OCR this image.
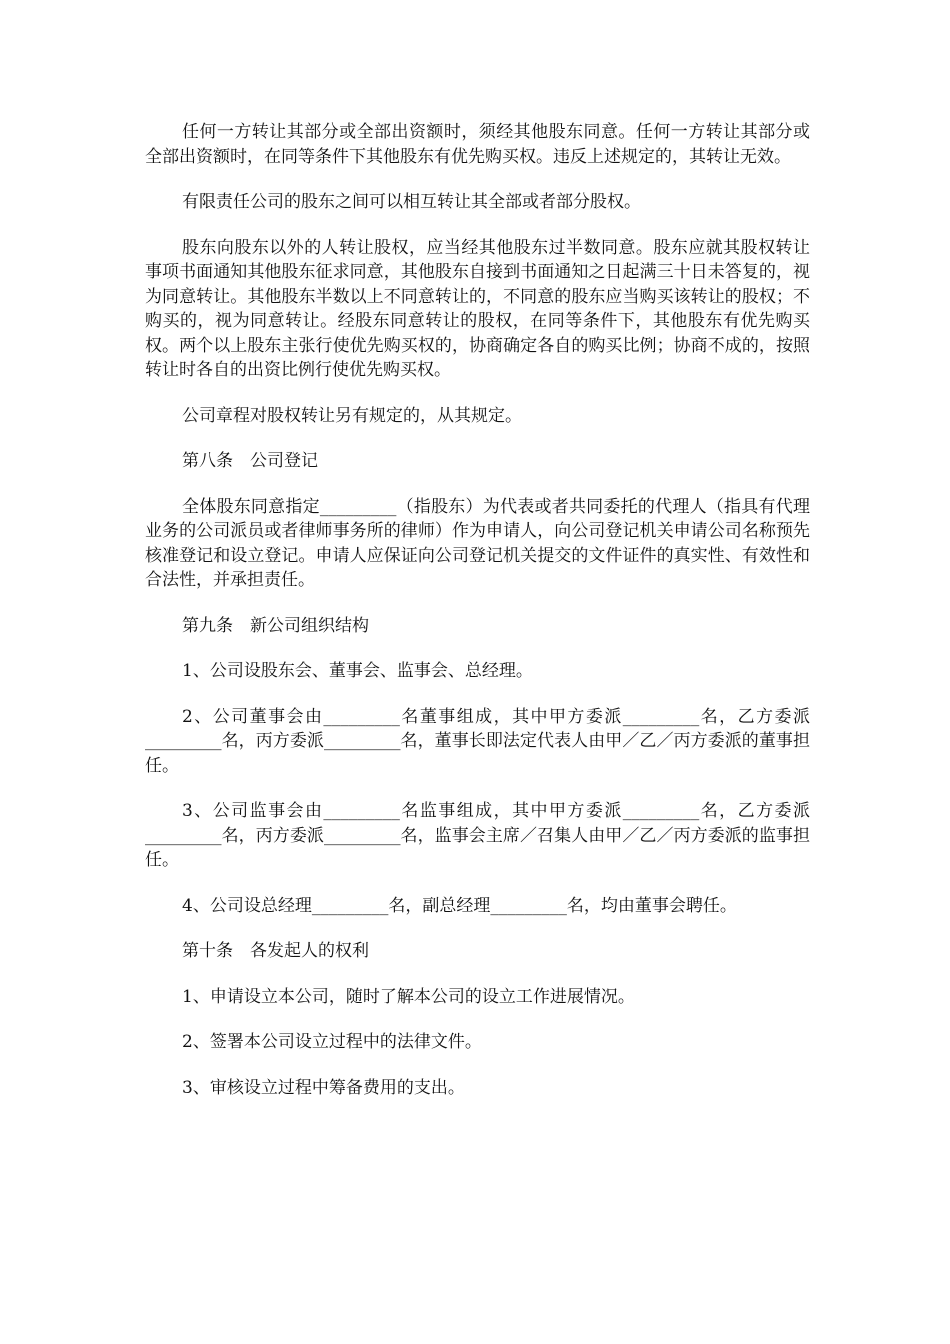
任何一方转让其部分或全部出资额时，须经其他股东同意。任何一方转让其部分或全部出资额时，在同等条件下其他股东有优先购买权。违反上述规定的，其转让无效。

有限责任公司的股东之间可以相互转让其全部或者部分股权。

股东向股东以外的人转让股权，应当经其他股东过半数同意。股东应就其股权转让事项书面通知其他股东征求同意，其他股东自接到书面通知之日起满三十日未答复的，视为同意转让。其他股东半数以上不同意转让的，不同意的股东应当购买该转让的股权；不购买的，视为同意转让。经股东同意转让的股权，在同等条件下，其他股东有优先购买权。两个以上股东主张行使优先购买权的，协商确定各自的购买比例；协商不成的，按照转让时各自的出资比例行使优先购买权。

公司章程对股权转让另有规定的，从其规定。

第八条　公司登记

全体股东同意指定_________（指股东）为代表或者共同委托的代理人（指具有代理业务的公司派员或者律师事务所的律师）作为申请人，向公司登记机关申请公司名称预先核准登记和设立登记。申请人应保证向公司登记机关提交的文件证件的真实性、有效性和合法性，并承担责任。

第九条　新公司组织结构

1、公司设股东会、董事会、监事会、总经理。

2、公司董事会由_________名董事组成，其中甲方委派_________名，乙方委派_________名，丙方委派_________名，董事长即法定代表人由甲／乙／丙方委派的董事担任。

3、公司监事会由_________名监事组成，其中甲方委派_________名，乙方委派_________名，丙方委派_________名，监事会主席／召集人由甲／乙／丙方委派的监事担任。

4、公司设总经理_________名，副总经理_________名，均由董事会聘任。

第十条　各发起人的权利

1、申请设立本公司，随时了解本公司的设立工作进展情况。

2、签署本公司设立过程中的法律文件。

3、审核设立过程中筹备费用的支出。
